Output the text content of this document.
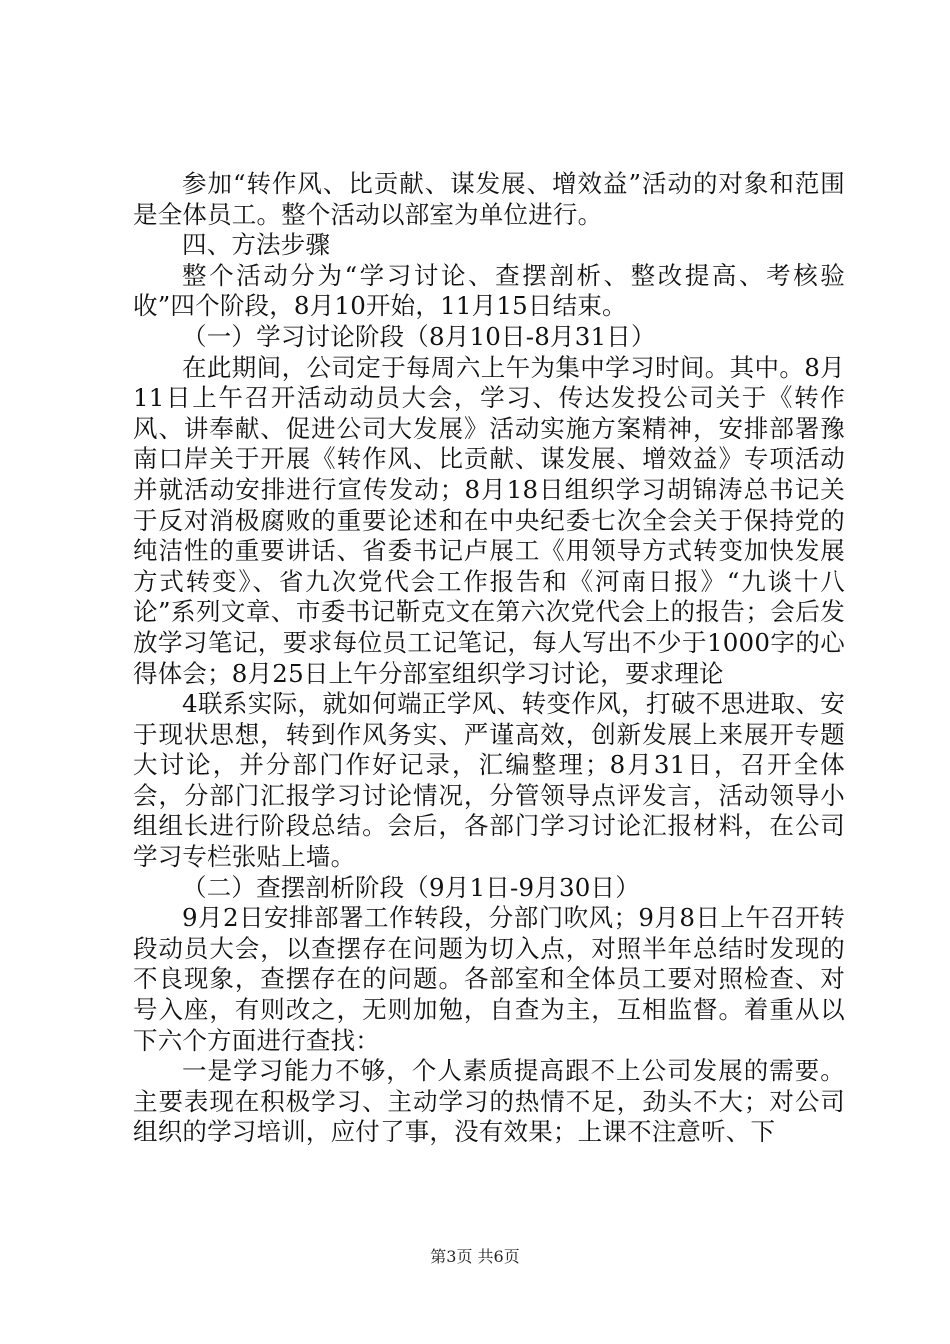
参加“转作风、比贡献、谋发展、增效益”活动的对象和范围是全体员工。整个活动以部室为单位进行。

四、方法步骤

整个活动分为“学习讨论、查摆剖析、整改提高、考核验收”四个阶段，8月10开始，11月15日结束。

（一）学习讨论阶段（8月10日-8月31日）

在此期间，公司定于每周六上午为集中学习时间。其中。8月11日上午召开活动动员大会，学习、传达发投公司关于《转作风、讲奉献、促进公司大发展》活动实施方案精神，安排部署豫南口岸关于开展《转作风、比贡献、谋发展、增效益》专项活动并就活动安排进行宣传发动；8月18日组织学习胡锦涛总书记关于反对消极腐败的重要论述和在中央纪委七次全会关于保持党的纯洁性的重要讲话、省委书记卢展工《用领导方式转变加快发展方式转变》、省九次党代会工作报告和《河南日报》“九谈十八论”系列文章、市委书记靳克文在第六次党代会上的报告；会后发放学习笔记，要求每位员工记笔记，每人写出不少于1000字的心得体会；8月25日上午分部室组织学习讨论，要求理论

4联系实际，就如何端正学风、转变作风，打破不思进取、安于现状思想，转到作风务实、严谨高效，创新发展上来展开专题大讨论，并分部门作好记录，汇编整理；8月31日，召开全体会，分部门汇报学习讨论情况，分管领导点评发言，活动领导小组组长进行阶段总结。会后，各部门学习讨论汇报材料，在公司学习专栏张贴上墙。

（二）查摆剖析阶段（9月1日-9月30日）

9月2日安排部署工作转段，分部门吹风；9月8日上午召开转段动员大会，以查摆存在问题为切入点，对照半年总结时发现的不良现象，查摆存在的问题。各部室和全体员工要对照检查、对号入座，有则改之，无则加勉，自查为主，互相监督。着重从以下六个方面进行查找：

一是学习能力不够，个人素质提高跟不上公司发展的需要。主要表现在积极学习、主动学习的热情不足，劲头不大；对公司组织的学习培训，应付了事，没有效果；上课不注意听、下

第3页 共6页
